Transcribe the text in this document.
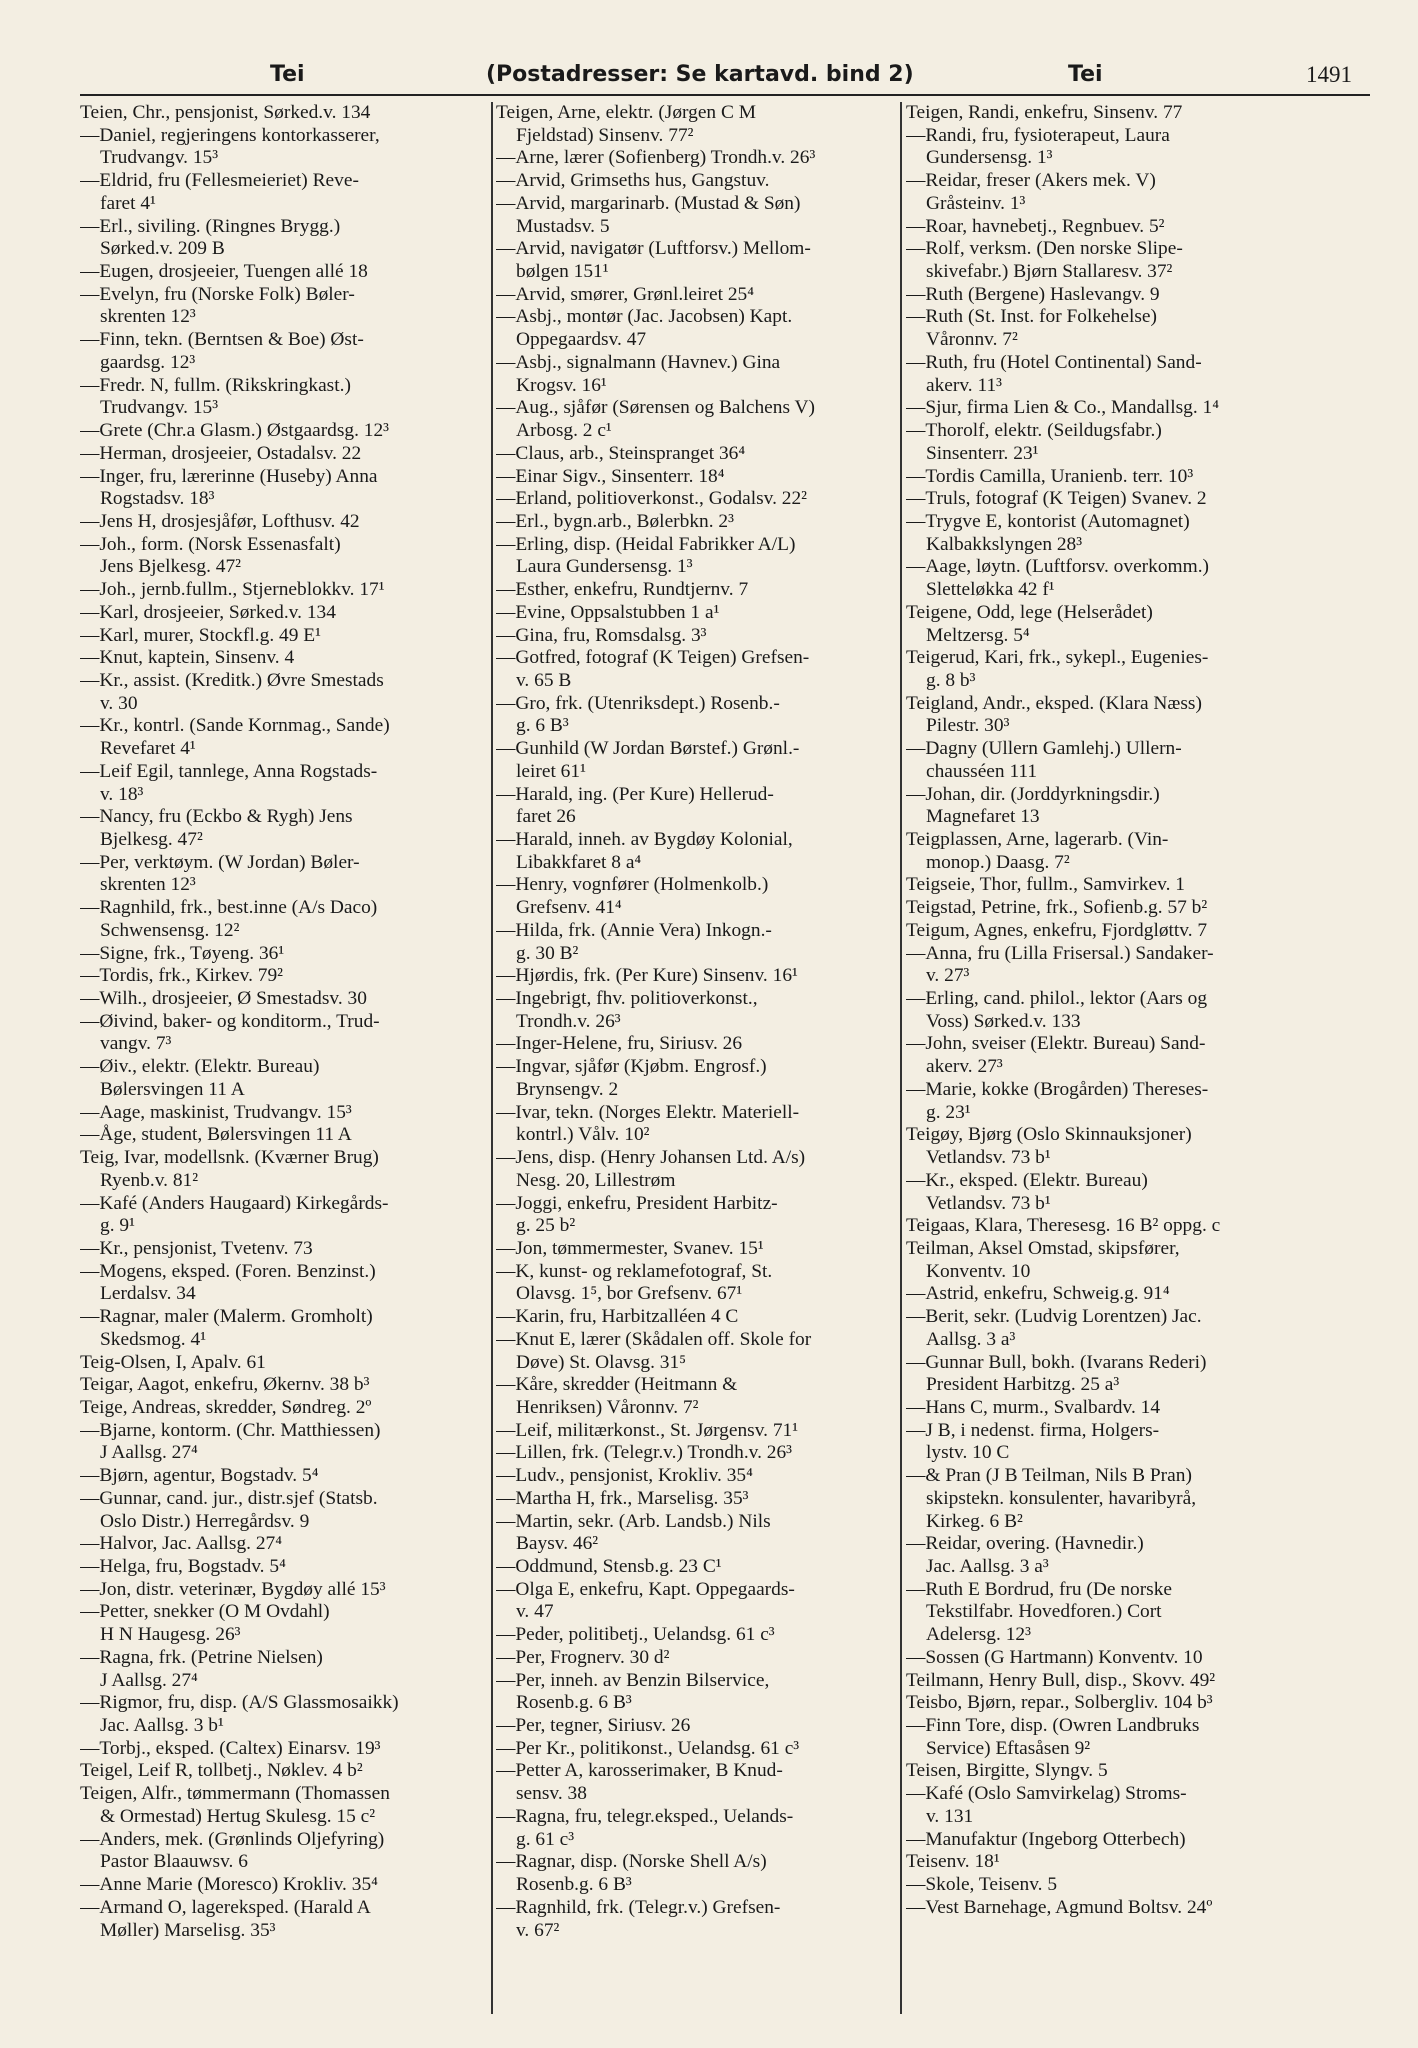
Tei	(Postadresser: Se kartavd. bind 2)	Tei	1491

Teien, Chr., pensjonist, Sørked.v. 134

—Daniel, regjeringens kontorkasserer,

Trudvangv. 15³

—Eldrid, fru (Fellesmeieriet) Reve-

faret 4¹

—Erl., siviling. (Ringnes Brygg.)

Sørked.v. 209 B

—Eugen, drosjeeier, Tuengen allé 18

—Evelyn, fru (Norske Folk) Bøler-

skrenten 12³

—Finn, tekn. (Berntsen & Boe) Øst-

gaardsg. 12³

—Fredr. N, fullm. (Rikskringkast.)

Trudvangv. 15³

—Grete (Chr.a Glasm.) Østgaardsg. 12³

—Herman, drosjeeier, Ostadalsv. 22

—Inger, fru, lærerinne (Huseby) Anna

Rogstadsv. 18³

—Jens H, drosjesjåfør, Lofthusv. 42

—Joh., form. (Norsk Essenasfalt)

Jens Bjelkesg. 47²

—Joh., jernb.fullm., Stjerneblokkv. 17¹

—Karl, drosjeeier, Sørked.v. 134

—Karl, murer, Stockfl.g. 49 E¹

—Knut, kaptein, Sinsenv. 4

—Kr., assist. (Kreditk.) Øvre Smestads

v. 30

—Kr., kontrl. (Sande Kornmag., Sande)

Revefaret 4¹

—Leif Egil, tannlege, Anna Rogstads-

v. 18³

—Nancy, fru (Eckbo & Rygh) Jens

Bjelkesg. 47²

—Per, verktøym. (W Jordan) Bøler-

skrenten 12³

—Ragnhild, frk., best.inne (A/s Daco)

Schwensensg. 12²

—Signe, frk., Tøyeng. 36¹

—Tordis, frk., Kirkev. 79²

—Wilh., drosjeeier, Ø Smestadsv. 30

—Øivind, baker- og konditorm., Trud-

vangv. 7³

—Øiv., elektr. (Elektr. Bureau)

Bølersvingen 11 A

—Aage, maskinist, Trudvangv. 15³

—Åge, student, Bølersvingen 11 A

Teig, Ivar, modellsnk. (Kværner Brug)

Ryenb.v. 81²

—Kafé (Anders Haugaard) Kirkegårds-

g. 9¹

—Kr., pensjonist, Tvetenv. 73

—Mogens, eksped. (Foren. Benzinst.)

Lerdalsv. 34

—Ragnar, maler (Malerm. Gromholt)

Skedsmog. 4¹

Teig-Olsen, I, Apalv. 61

Teigar, Aagot, enkefru, Økernv. 38 b³

Teige, Andreas, skredder, Søndreg. 2º

—Bjarne, kontorm. (Chr. Matthiessen)

J Aallsg. 27⁴

—Bjørn, agentur, Bogstadv. 5⁴

—Gunnar, cand. jur., distr.sjef (Statsb.

Oslo Distr.) Herregårdsv. 9

—Halvor, Jac. Aallsg. 27⁴

—Helga, fru, Bogstadv. 5⁴

—Jon, distr. veterinær, Bygdøy allé 15³

—Petter, snekker (O M Ovdahl)

H N Haugesg. 26³

—Ragna, frk. (Petrine Nielsen)

J Aallsg. 27⁴

—Rigmor, fru, disp. (A/S Glassmosaikk)

Jac. Aallsg. 3 b¹

—Torbj., eksped. (Caltex) Einarsv. 19³

Teigel, Leif R, tollbetj., Nøklev. 4 b²

Teigen, Alfr., tømmermann (Thomassen

& Ormestad) Hertug Skulesg. 15 c²

—Anders, mek. (Grønlinds Oljefyring)

Pastor Blaauwsv. 6

—Anne Marie (Moresco) Krokliv. 35⁴

—Armand O, lagereksped. (Harald A

Møller) Marselisg. 35³

Teigen, Arne, elektr. (Jørgen C M

Fjeldstad) Sinsenv. 77²

—Arne, lærer (Sofienberg) Trondh.v. 26³

—Arvid, Grimseths hus, Gangstuv.

—Arvid, margarinarb. (Mustad & Søn)

Mustadsv. 5

—Arvid, navigatør (Luftforsv.) Mellom-

bølgen 151¹

—Arvid, smører, Grønl.leiret 25⁴

—Asbj., montør (Jac. Jacobsen) Kapt.

Oppegaardsv. 47

—Asbj., signalmann (Havnev.) Gina

Krogsv. 16¹

—Aug., sjåfør (Sørensen og Balchens V)

Arbosg. 2 c¹

—Claus, arb., Steinspranget 36⁴

—Einar Sigv., Sinsenterr. 18⁴

—Erland, politioverkonst., Godalsv. 22²

—Erl., bygn.arb., Bølerbkn. 2³

—Erling, disp. (Heidal Fabrikker A/L)

Laura Gundersensg. 1³

—Esther, enkefru, Rundtjernv. 7

—Evine, Oppsalstubben 1 a¹

—Gina, fru, Romsdalsg. 3³

—Gotfred, fotograf (K Teigen) Grefsen-

v. 65 B

—Gro, frk. (Utenriksdept.) Rosenb.-

g. 6 B³

—Gunhild (W Jordan Børstef.) Grønl.-

leiret 61¹

—Harald, ing. (Per Kure) Hellerud-

faret 26

—Harald, inneh. av Bygdøy Kolonial,

Libakkfaret 8 a⁴

—Henry, vognfører (Holmenkolb.)

Grefsenv. 41⁴

—Hilda, frk. (Annie Vera) Inkogn.-

g. 30 B²

—Hjørdis, frk. (Per Kure) Sinsenv. 16¹

—Ingebrigt, fhv. politioverkonst.,

Trondh.v. 26³

—Inger-Helene, fru, Siriusv. 26

—Ingvar, sjåfør (Kjøbm. Engrosf.)

Brynsengv. 2

—Ivar, tekn. (Norges Elektr. Materiell-

kontrl.) Vålv. 10²

—Jens, disp. (Henry Johansen Ltd. A/s)

Nesg. 20, Lillestrøm

—Joggi, enkefru, President Harbitz-

g. 25 b²

—Jon, tømmermester, Svanev. 15¹

—K, kunst- og reklamefotograf, St.

Olavsg. 1⁵, bor Grefsenv. 67¹

—Karin, fru, Harbitzalléen 4 C

—Knut E, lærer (Skådalen off. Skole for

Døve) St. Olavsg. 31⁵

—Kåre, skredder (Heitmann &

Henriksen) Våronnv. 7²

—Leif, militærkonst., St. Jørgensv. 71¹

—Lillen, frk. (Telegr.v.) Trondh.v. 26³

—Ludv., pensjonist, Krokliv. 35⁴

—Martha H, frk., Marselisg. 35³

—Martin, sekr. (Arb. Landsb.) Nils

Baysv. 46²

—Oddmund, Stensb.g. 23 C¹

—Olga E, enkefru, Kapt. Oppegaards-

v. 47

—Peder, politibetj., Uelandsg. 61 c³

—Per, Frognerv. 30 d²

—Per, inneh. av Benzin Bilservice,

Rosenb.g. 6 B³

—Per, tegner, Siriusv. 26

—Per Kr., politikonst., Uelandsg. 61 c³

—Petter A, karosserimaker, B Knud-

sensv. 38

—Ragna, fru, telegr.eksped., Uelands-

g. 61 c³

—Ragnar, disp. (Norske Shell A/s)

Rosenb.g. 6 B³

—Ragnhild, frk. (Telegr.v.) Grefsen-

v. 67²

Teigen, Randi, enkefru, Sinsenv. 77

—Randi, fru, fysioterapeut, Laura

Gundersensg. 1³

—Reidar, freser (Akers mek. V)

Gråsteinv. 1³

—Roar, havnebetj., Regnbuev. 5²

—Rolf, verksm. (Den norske Slipe-

skivefabr.) Bjørn Stallaresv. 37²

—Ruth (Bergene) Haslevangv. 9

—Ruth (St. Inst. for Folkehelse)

Våronnv. 7²

—Ruth, fru (Hotel Continental) Sand-

akerv. 11³

—Sjur, firma Lien & Co., Mandallsg. 1⁴

—Thorolf, elektr. (Seildugsfabr.)

Sinsenterr. 23¹

—Tordis Camilla, Uranienb. terr. 10³

—Truls, fotograf (K Teigen) Svanev. 2

—Trygve E, kontorist (Automagnet)

Kalbakkslyngen 28³

—Aage, løytn. (Luftforsv. overkomm.)

Sletteløkka 42 f¹

Teigene, Odd, lege (Helserådet)

Meltzersg. 5⁴

Teigerud, Kari, frk., sykepl., Eugenies-

g. 8 b³

Teigland, Andr., eksped. (Klara Næss)

Pilestr. 30³

—Dagny (Ullern Gamlehj.) Ullern-

chausséen 111

—Johan, dir. (Jorddyrkningsdir.)

Magnefaret 13

Teigplassen, Arne, lagerarb. (Vin-

monop.) Daasg. 7²

Teigseie, Thor, fullm., Samvirkev. 1

Teigstad, Petrine, frk., Sofienb.g. 57 b²

Teigum, Agnes, enkefru, Fjordgløttv. 7

—Anna, fru (Lilla Frisersal.) Sandaker-

v. 27³

—Erling, cand. philol., lektor (Aars og

Voss) Sørked.v. 133

—John, sveiser (Elektr. Bureau) Sand-

akerv. 27³

—Marie, kokke (Brogården) Thereses-

g. 23¹

Teigøy, Bjørg (Oslo Skinnauksjoner)

Vetlandsv. 73 b¹

—Kr., eksped. (Elektr. Bureau)

Vetlandsv. 73 b¹

Teigaas, Klara, Theresesg. 16 B² oppg. c

Teilman, Aksel Omstad, skipsfører,

Konventv. 10

—Astrid, enkefru, Schweig.g. 91⁴

—Berit, sekr. (Ludvig Lorentzen) Jac.

Aallsg. 3 a³

—Gunnar Bull, bokh. (Ivarans Rederi)

President Harbitzg. 25 a³

—Hans C, murm., Svalbardv. 14

—J B, i nedenst. firma, Holgers-

lystv. 10 C

—& Pran (J B Teilman, Nils B Pran)

skipstekn. konsulenter, havaribyrå,

Kirkeg. 6 B²

—Reidar, overing. (Havnedir.)

Jac. Aallsg. 3 a³

—Ruth E Bordrud, fru (De norske

Tekstilfabr. Hovedforen.) Cort

Adelersg. 12³

—Sossen (G Hartmann) Konventv. 10

Teilmann, Henry Bull, disp., Skovv. 49²

Teisbo, Bjørn, repar., Solbergliv. 104 b³

—Finn Tore, disp. (Owren Landbruks

Service) Eftasåsen 9²

Teisen, Birgitte, Slyngv. 5

—Kafé (Oslo Samvirkelag) Stroms-

v. 131

—Manufaktur (Ingeborg Otterbech)

Teisenv. 18¹

—Skole, Teisenv. 5

—Vest Barnehage, Agmund Boltsv. 24º
